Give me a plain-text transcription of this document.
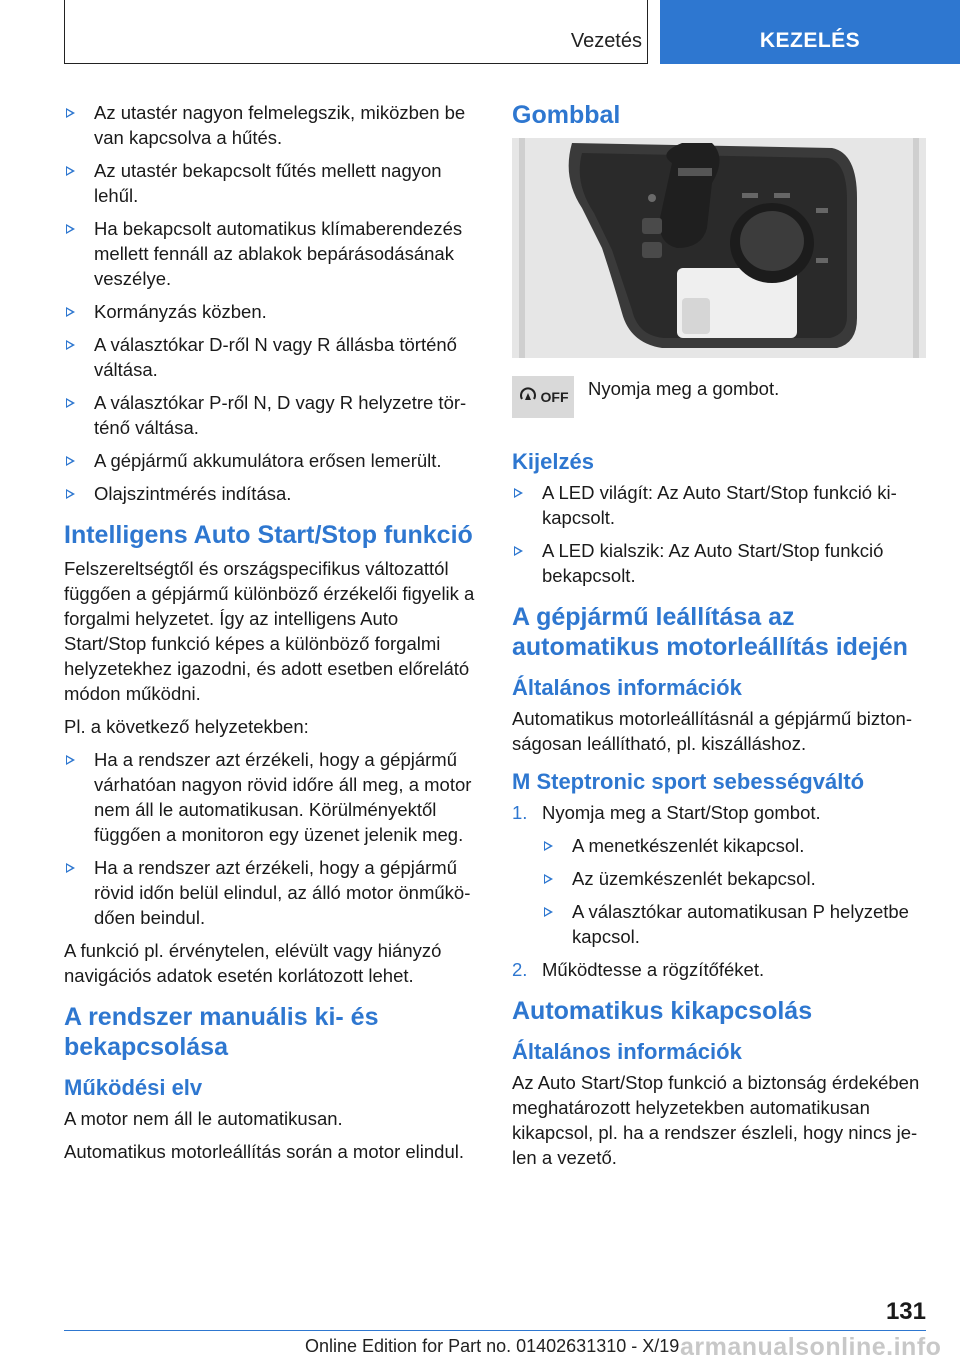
Vezetés	KEZELÉS
Az utastér nagyon felmelegszik, miközben be van kapcsolva a hűtés.
Az utastér bekapcsolt fűtés mellett nagyon lehűl.
Ha bekapcsolt automatikus klímaberendezés mellett fennáll az ablakok bepárásodásának veszélye.
Kormányzás közben.
A választókar D-ről N vagy R állásba történő váltása.
A választókar P-ről N, D vagy R helyzetre történő váltása.
A gépjármű akkumulátora erősen lemerült.
Olajszintmérés indítása.
Intelligens Auto Start/Stop funkció

Felszereltségtől és országspecifikus változattól függően a gépjármű különböző érzékelői figyelik a forgalmi helyzetet. Így az intelligens Auto Start/Stop funkció képes a különböző forgalmi helyzetekhez igazodni, és adott esetben előrelátó módon működni.

Pl. a következő helyzetekben:

Ha a rendszer azt érzékeli, hogy a gépjármű várhatóan nagyon rövid időre áll meg, a motor nem áll le automatikusan. Körülményektől függően a monitoron egy üzenet jelenik meg.
Ha a rendszer azt érzékeli, hogy a gépjármű rövid időn belül elindul, az álló motor önműködően beindul.

A funkció pl. érvénytelen, elévült vagy hiányzó navigációs adatok esetén korlátozott lehet.

A rendszer manuális ki- és bekapcsolása
Működési elv

A motor nem áll le automatikusan.

Automatikus motorleállítás során a motor elindul.

Gombbal
OFF Nyomja meg a gombot.
Kijelzés
A LED világít: Az Auto Start/Stop funkció kikapcsolt.
A LED kialszik: Az Auto Start/Stop funkció bekapcsolt.
A gépjármű leállítása az automatikus motorleállítás idején
Általános információk

Automatikus motorleállításnál a gépjármű biztonságosan leállítható, pl. kiszálláshoz.

M Steptronic sport sebességváltó
1. Nyomja meg a Start/Stop gombot.
A menetkészenlét kikapcsol.
Az üzemkészenlét bekapcsol.
A választókar automatikusan P helyzetbe kapcsol.
2. Működtesse a rögzítőféket.
Automatikus kikapcsolás
Általános információk

Az Auto Start/Stop funkció a biztonság érdekében meghatározott helyzetekben automatikusan kikapcsol, pl. ha a rendszer észleli, hogy nincs jelen a vezető.

131
Online Edition for Part no. 01402631310 - X/19 armanualsonline.info
